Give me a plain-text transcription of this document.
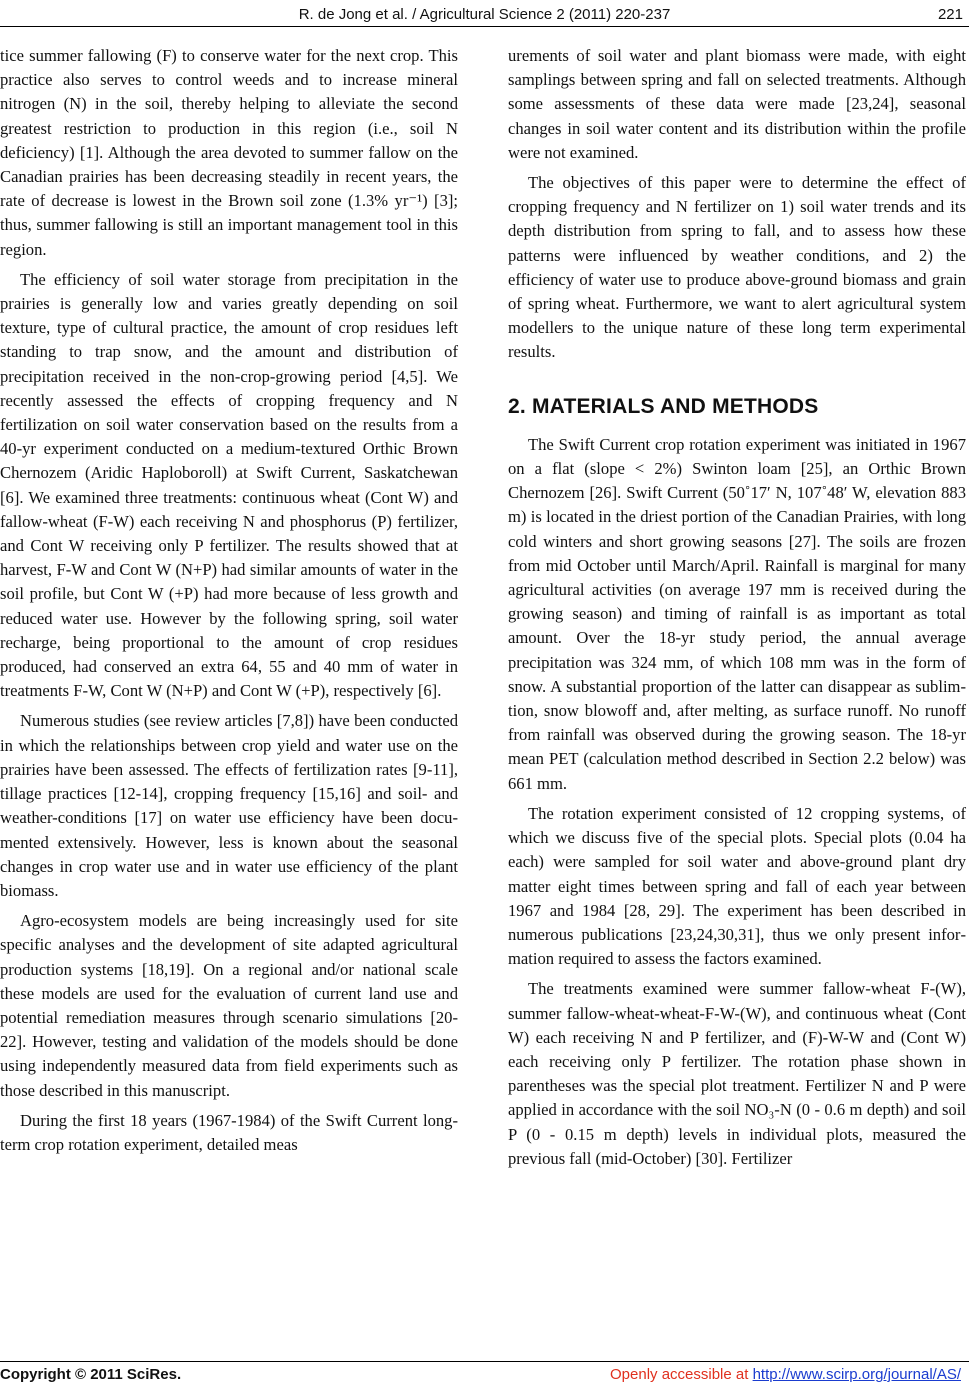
R. de Jong et al. / Agricultural Science 2 (2011) 220-237	221

tice summer fallowing (F) to conserve water for the next crop. This practice also serves to control weeds and to increase mineral nitrogen (N) in the soil, thereby helping to alleviate the second greatest restriction to production in this region (i.e., soil N deficiency) [1]. Although the area devoted to summer fallow on the Canadian prairies has been decreasing steadily in recent years, the rate of decrease is lowest in the Brown soil zone (1.3% yr⁻¹) [3]; thus, summer fallowing is still an important management tool in this region.

The efficiency of soil water storage from precipitation in the prairies is generally low and varies greatly depending on soil texture, type of cultural practice, the amount of crop residues left standing to trap snow, and the amount and distribution of precipitation received in the non-crop-growing period [4,5]. We recently assessed the effects of cropping frequency and N fertilization on soil water conservation based on the results from a 40-yr experiment conducted on a medium-textured Orthic Brown Chernozem (Aridic Haploboroll) at Swift Current, Saskatchewan [6]. We examined three treatments: continuous wheat (Cont W) and fallow-wheat (F-W) each receiving N and phosphorus (P) fertilizer, and Cont W receiving only P fertilizer. The results showed that at harvest, F-W and Cont W (N+P) had similar amounts of water in the soil profile, but Cont W (+P) had more because of less growth and reduced water use. However by the following spring, soil water recharge, being proportional to the amount of crop residues produced, had conserved an extra 64, 55 and 40 mm of water in treatments F-W, Cont W (N+P) and Cont W (+P), respectively [6].

Numerous studies (see review articles [7,8]) have been conducted in which the relationships between crop yield and water use on the prairies have been assessed. The effects of fertilization rates [9-11], tillage practices [12-14], cropping frequency [15,16] and soil- and weather-conditions [17] on water use efficiency have been documented extensively. However, less is known about the seasonal changes in crop water use and in water use efficiency of the plant biomass.

Agro-ecosystem models are being increasingly used for site specific analyses and the development of site adapted agricultural production systems [18,19]. On a regional and/or national scale these models are used for the evaluation of current land use and potential remediation measures through scenario simulations [20-22]. However, testing and validation of the models should be done using independently measured data from field experiments such as those described in this manuscript.

During the first 18 years (1967-1984) of the Swift Current long-term crop rotation experiment, detailed meas

urements of soil water and plant biomass were made, with eight samplings between spring and fall on selected treatments. Although some assessments of these data were made [23,24], seasonal changes in soil water content and its distribution within the profile were not examined.

The objectives of this paper were to determine the effect of cropping frequency and N fertilizer on 1) soil water trends and its depth distribution from spring to fall, and to assess how these patterns were influenced by weather conditions, and 2) the efficiency of water use to produce above-ground biomass and grain of spring wheat. Furthermore, we want to alert agricultural system modellers to the unique nature of these long term experimental results.

2. MATERIALS AND METHODS

The Swift Current crop rotation experiment was initiated in 1967 on a flat (slope < 2%) Swinton loam [25], an Orthic Brown Chernozem [26]. Swift Current (50˚17′ N, 107˚48′ W, elevation 883 m) is located in the driest portion of the Canadian Prairies, with long cold winters and short growing seasons [27]. The soils are frozen from mid October until March/April. Rainfall is marginal for many agricultural activities (on average 197 mm is received during the growing season) and timing of rainfall is as important as total amount. Over the 18-yr study period, the annual average precipitation was 324 mm, of which 108 mm was in the form of snow. A substantial proportion of the latter can disappear as sublimtion, snow blowoff and, after melting, as surface runoff. No runoff from rainfall was observed during the growing season. The 18-yr mean PET (calculation method described in Section 2.2 below) was 661 mm.

The rotation experiment consisted of 12 cropping systems, of which we discuss five of the special plots. Special plots (0.04 ha each) were sampled for soil water and above-ground plant dry matter eight times between spring and fall of each year between 1967 and 1984 [28, 29]. The experiment has been described in numerous publications [23,24,30,31], thus we only present information required to assess the factors examined.

The treatments examined were summer fallow-wheat F-(W), summer fallow-wheat-wheat-F-W-(W), and continuous wheat (Cont W) each receiving N and P fertilizer, and (F)-W-W and (Cont W) each receiving only P fertilizer. The rotation phase shown in parentheses was the special plot treatment. Fertilizer N and P were applied in accordance with the soil NO₃-N (0 - 0.6 m depth) and soil P (0 - 0.15 m depth) levels in individual plots, measured the previous fall (mid-October) [30]. Fertilizer

Copyright © 2011 SciRes.	Openly accessible at http://www.scirp.org/journal/AS/
